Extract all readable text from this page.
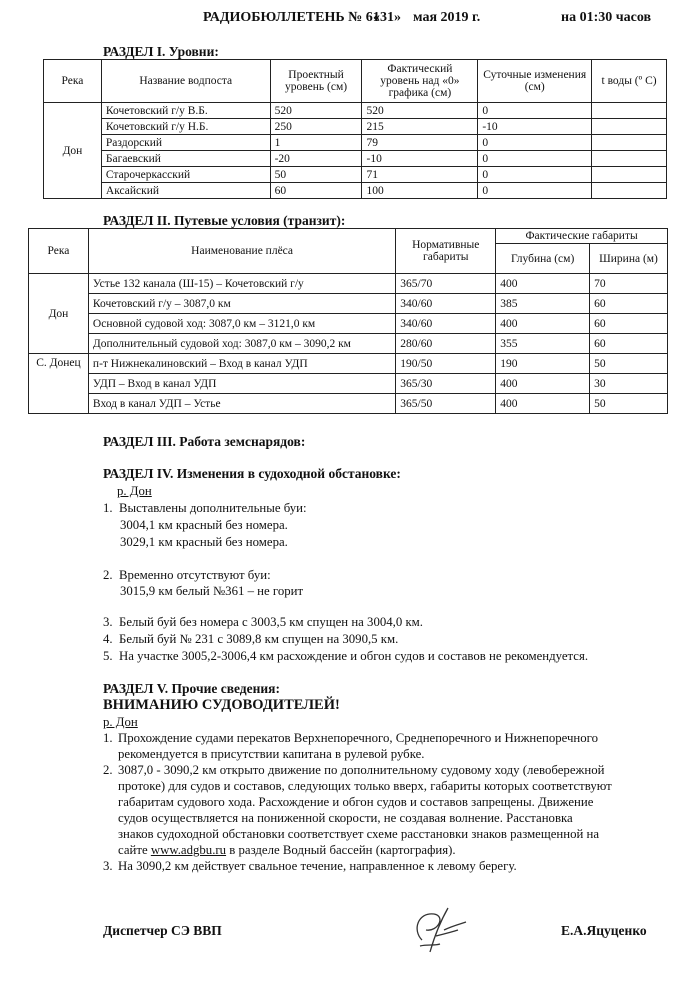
РАДИОБЮЛЛЕТЕНЬ № 61
«31» мая 2019 г.	на 01:30 часов
РАЗДЕЛ I. Уровни:
Река	Название водпоста	Проектный уровень (см)	Фактический уровень над «0» графика (см)	Суточные изменения (см)	t воды (º С)
Дон	Кочетовский г/у В.Б.	520	520	0	
	Кочетовский г/у Н.Б.	250	215	-10	
	Раздорский	1	79	0	
	Багаевский	-20	-10	0	
	Старочеркасский	50	71	0	
	Аксайский	60	100	0	
РАЗДЕЛ II. Путевые условия (транзит):
Река	Наименование плёса	Нормативные габариты	Фактические габариты	
			Глубина (см)	Ширина (м)
Дон	Устье 132 канала (Ш-15) – Кочетовский г/у	365/70	400	70
	Кочетовский г/у – 3087,0 км	340/60	385	60
	Основной судовой ход: 3087,0 км – 3121,0 км	340/60	400	60
	Дополнительный судовой ход: 3087,0 км – 3090,2 км	280/60	355	60
С. Донец	п-т Нижнекалиновский – Вход в канал УДП	190/50	190	50
	УДП – Вход в канал УДП	365/30	400	30
	Вход в канал УДП – Устье	365/50	400	50
РАЗДЕЛ III. Работа земснарядов:
РАЗДЕЛ IV. Изменения в судоходной обстановке:
р. Дон
1. Выставлены дополнительные буи:
3004,1 км красный без номера.
3029,1 км красный без номера.
2. Временно отсутствуют буи:
3015,9 км белый №361 – не горит
3. Белый буй без номера с 3003,5 км спущен на 3004,0 км.
4. Белый буй № 231 с 3089,8 км спущен на 3090,5 км.
5. На участке 3005,2-3006,4 км расхождение и обгон судов и составов не рекомендуется.
РАЗДЕЛ V. Прочие сведения:
ВНИМАНИЮ СУДОВОДИТЕЛЕЙ!
р. Дон
1. Прохождение судами перекатов Верхнепоречного, Среднепоречного и Нижнепоречного
рекомендуется в присутствии капитана в рулевой рубке.
2. 3087,0 - 3090,2 км открыто движение по дополнительному судовому ходу (левобережной
протоке) для судов и составов, следующих только вверх, габариты которых соответствуют
габаритам судового хода. Расхождение и обгон судов и составов запрещены. Движение
судов осуществляется на пониженной скорости, не создавая волнение. Расстановка
знаков судоходной обстановки соответствует схеме расстановки знаков размещенной на
сайте www.adgbu.ru в разделе Водный бассейн (картография).
3. На 3090,2 км действует свальное течение, направленное к левому берегу.
Диспетчер СЭ ВВП	Е.А.Яцуценко
